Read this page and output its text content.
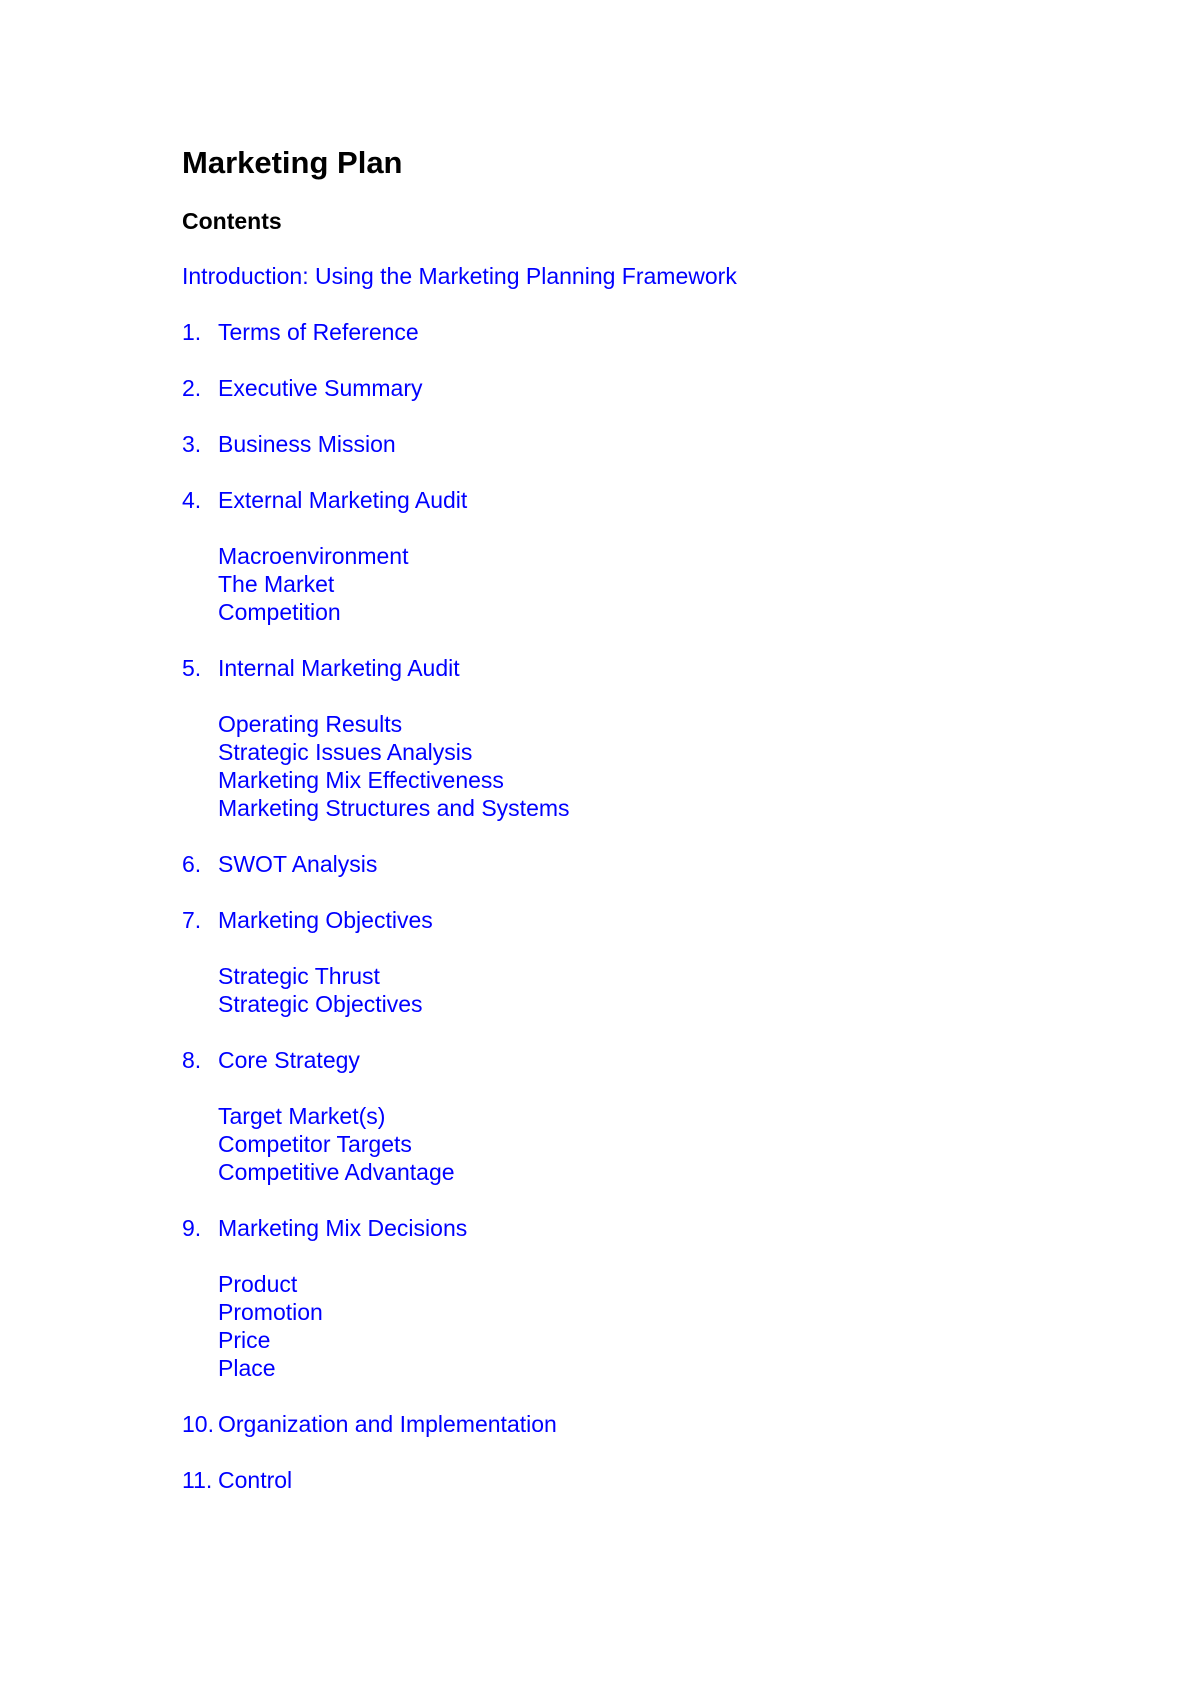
Marketing Plan
Contents
Introduction: Using the Marketing Planning Framework
1. Terms of Reference
2. Executive Summary
3. Business Mission
4. External Marketing Audit
Macroenvironment
The Market
Competition
5. Internal Marketing Audit
Operating Results
Strategic Issues Analysis
Marketing Mix Effectiveness
Marketing Structures and Systems
6. SWOT Analysis
7. Marketing Objectives
Strategic Thrust
Strategic Objectives
8. Core Strategy
Target Market(s)
Competitor Targets
Competitive Advantage
9. Marketing Mix Decisions
Product
Promotion
Price
Place
10. Organization and Implementation
11. Control
